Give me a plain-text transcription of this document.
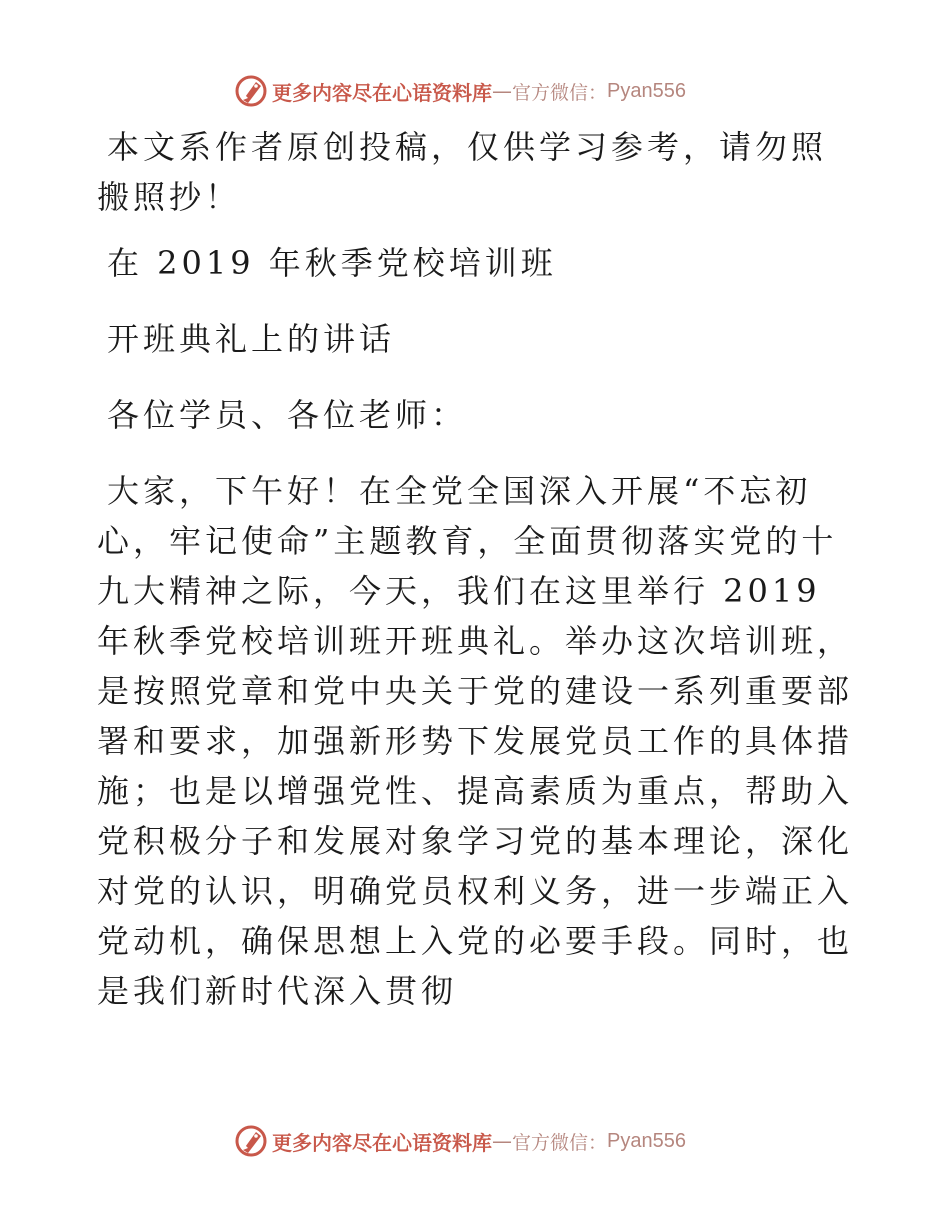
更多内容尽在心语资料库 — 官方微信： Pyan556

本文系作者原创投稿，仅供学习参考，请勿照搬照抄！

在 2019 年秋季党校培训班

开班典礼上的讲话

各位学员、各位老师：

大家，下午好！在全党全国深入开展“不忘初心，牢记使命”主题教育，全面贯彻落实党的十九大精神之际，今天，我们在这里举行 2019 年秋季党校培训班开班典礼。举办这次培训班，是按照党章和党中央关于党的建设一系列重要部署和要求，加强新形势下发展党员工作的具体措施；也是以增强党性、提高素质为重点，帮助入党积极分子和发展对象学习党的基本理论，深化对党的认识，明确党员权利义务，进一步端正入党动机，确保思想上入党的必要手段。同时，也是我们新时代深入贯彻

更多内容尽在心语资料库 — 官方微信： Pyan556
